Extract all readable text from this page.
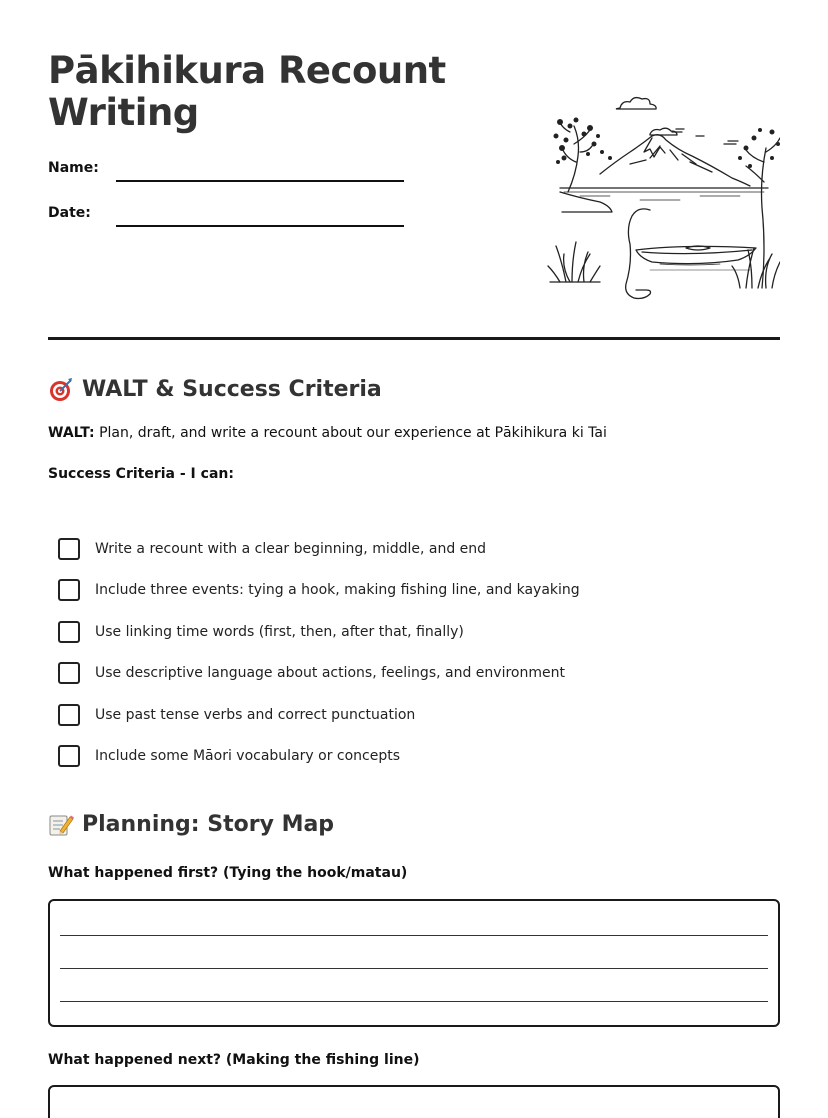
Pākihikura Recount Writing
Name:
Date:
WALT & Success Criteria

WALT: Plan, draft, and write a recount about our experience at Pākihikura ki Tai

Success Criteria - I can:

Write a recount with a clear beginning, middle, and end
Include three events: tying a hook, making fishing line, and kayaking
Use linking time words (first, then, after that, finally)
Use descriptive language about actions, feelings, and environment
Use past tense verbs and correct punctuation
Include some Māori vocabulary or concepts
Planning: Story Map

What happened first? (Tying the hook/matau)

What happened next? (Making the fishing line)
